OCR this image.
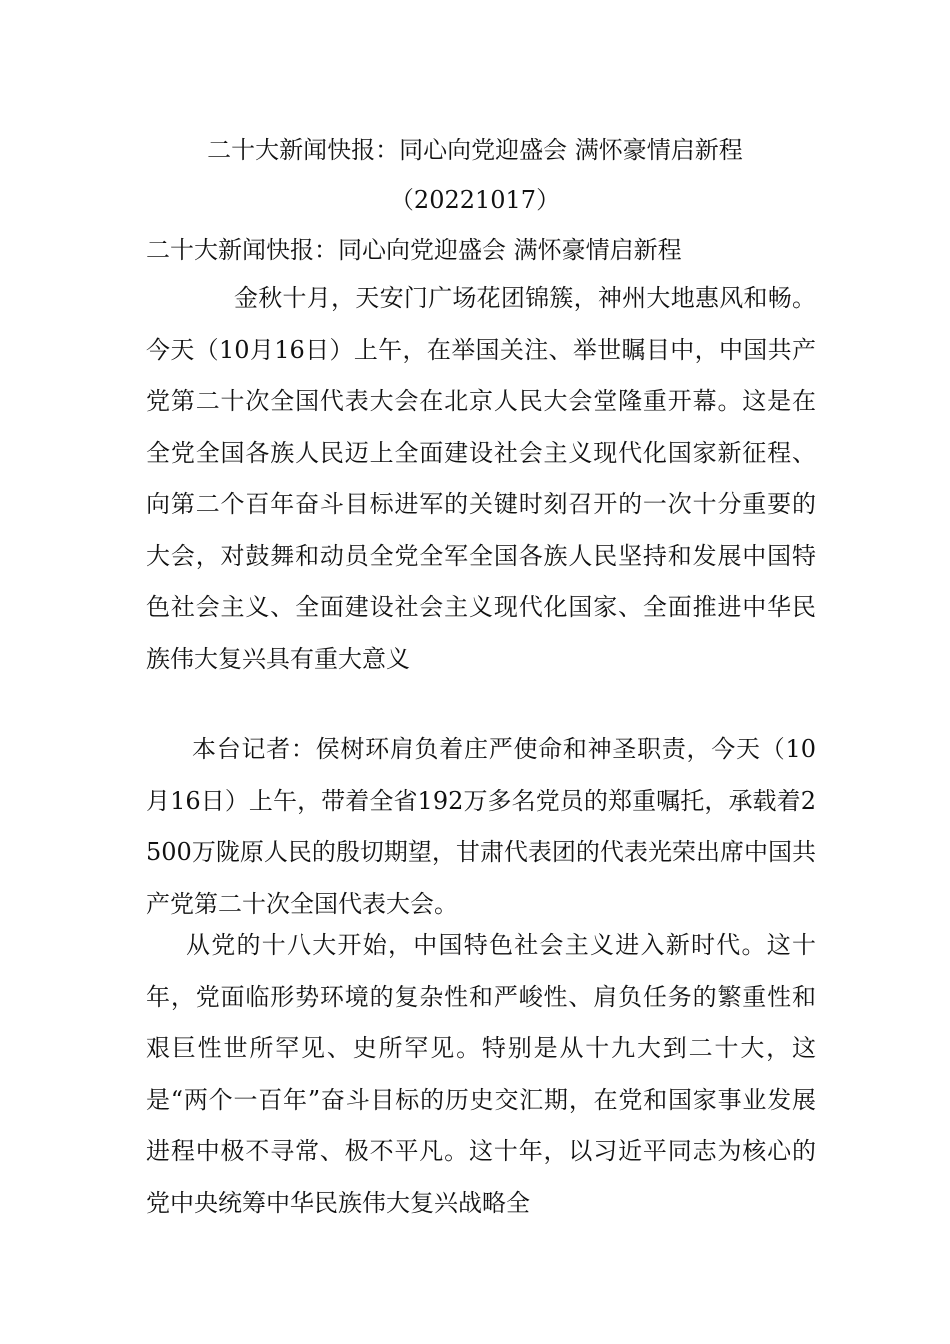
二十大新闻快报：同心向党迎盛会 满怀豪情启新程
（20221017）
二十大新闻快报：同心向党迎盛会 满怀豪情启新程

金秋十月，天安门广场花团锦簇，神州大地惠风和畅。今天（10月16日）上午，在举国关注、举世瞩目中，中国共产党第二十次全国代表大会在北京人民大会堂隆重开幕。这是在全党全国各族人民迈上全面建设社会主义现代化国家新征程、向第二个百年奋斗目标进军的关键时刻召开的一次十分重要的大会，对鼓舞和动员全党全军全国各族人民坚持和发展中国特色社会主义、全面建设社会主义现代化国家、全面推进中华民族伟大复兴具有重大意义

本台记者：侯树环肩负着庄严使命和神圣职责，今天（10月16日）上午，带着全省192万多名党员的郑重嘱托，承载着2500万陇原人民的殷切期望，甘肃代表团的代表光荣出席中国共产党第二十次全国代表大会。

从党的十八大开始，中国特色社会主义进入新时代。这十年，党面临形势环境的复杂性和严峻性、肩负任务的繁重性和艰巨性世所罕见、史所罕见。特别是从十九大到二十大，这是“两个一百年”奋斗目标的历史交汇期，在党和国家事业发展进程中极不寻常、极不平凡。这十年，以习近平同志为核心的党中央统筹中华民族伟大复兴战略全
